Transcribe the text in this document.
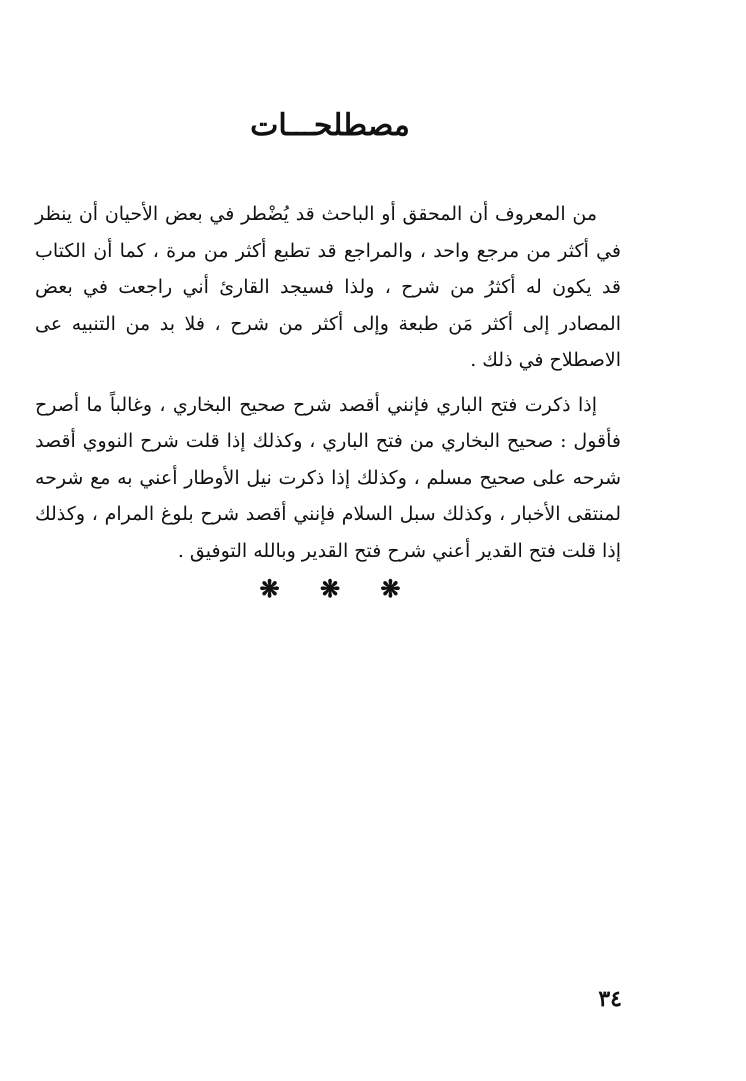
مصطلحـــات

من المعروف أن المحقق أو الباحث قد يُضْطر في بعض الأحيان أن ينظر في أكثر من مرجع واحد ، والمراجع قد تطبع أكثر من مرة ، كما أن الكتاب قد يكون له أكثرُ من شرح ، ولذا فسيجد القارئ أني راجعت في بعض المصادر إلى أكثر مَن طبعة وإلى أكثر من شرح ، فلا بد من التنبيه عى الاصطلاح في ذلك .

إذا ذكرت فتح الباري فإنني أقصد شرح صحيح البخاري ، وغالباً ما أصرح فأقول : صحيح البخاري من فتح الباري ، وكذلك إذا قلت شرح النووي أقصد شرحه على صحيح مسلم ، وكذلك إذا ذكرت نيل الأوطار أعني به مع شرحه لمنتقى الأخبار ، وكذلك سبل السلام فإنني أقصد شرح بلوغ المرام ، وكذلك إذا قلت فتح القدير أعني شرح فتح القدير وبالله التوفيق .

❋ ❋ ❋
٣٤
